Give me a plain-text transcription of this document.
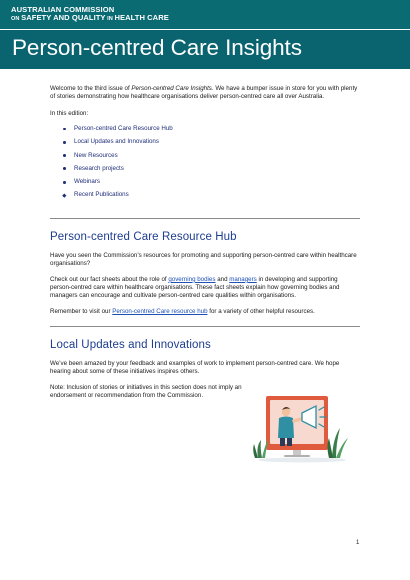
AUSTRALIAN COMMISSION
ON SAFETY AND QUALITY IN HEALTH CARE
Person-centred Care Insights

Welcome to the third issue of Person-centred Care Insights. We have a bumper issue in store for you with plenty of stories demonstrating how healthcare organisations deliver person-centred care all over Australia.

In this edition:

Person-centred Care Resource Hub
Local Updates and Innovations
New Resources
Research projects
Webinars
Recent Publications
Person-centred Care Resource Hub

Have you seen the Commission’s resources for promoting and supporting person-centred care within healthcare organisations?

Check out our fact sheets about the role of governing bodies and managers in developing and supporting person-centred care within healthcare organisations. These fact sheets explain how governing bodies and managers can encourage and cultivate person-centred care qualities within organisations.

Remember to visit our Person-centred Care resource hub for a variety of other helpful resources.

Local Updates and Innovations

We’ve been amazed by your feedback and examples of work to implement person-centred care. We hope hearing about some of these initiatives inspires others.

Note: Inclusion of stories or initiatives in this section does not imply an endorsement or recommendation from the Commission.

1
